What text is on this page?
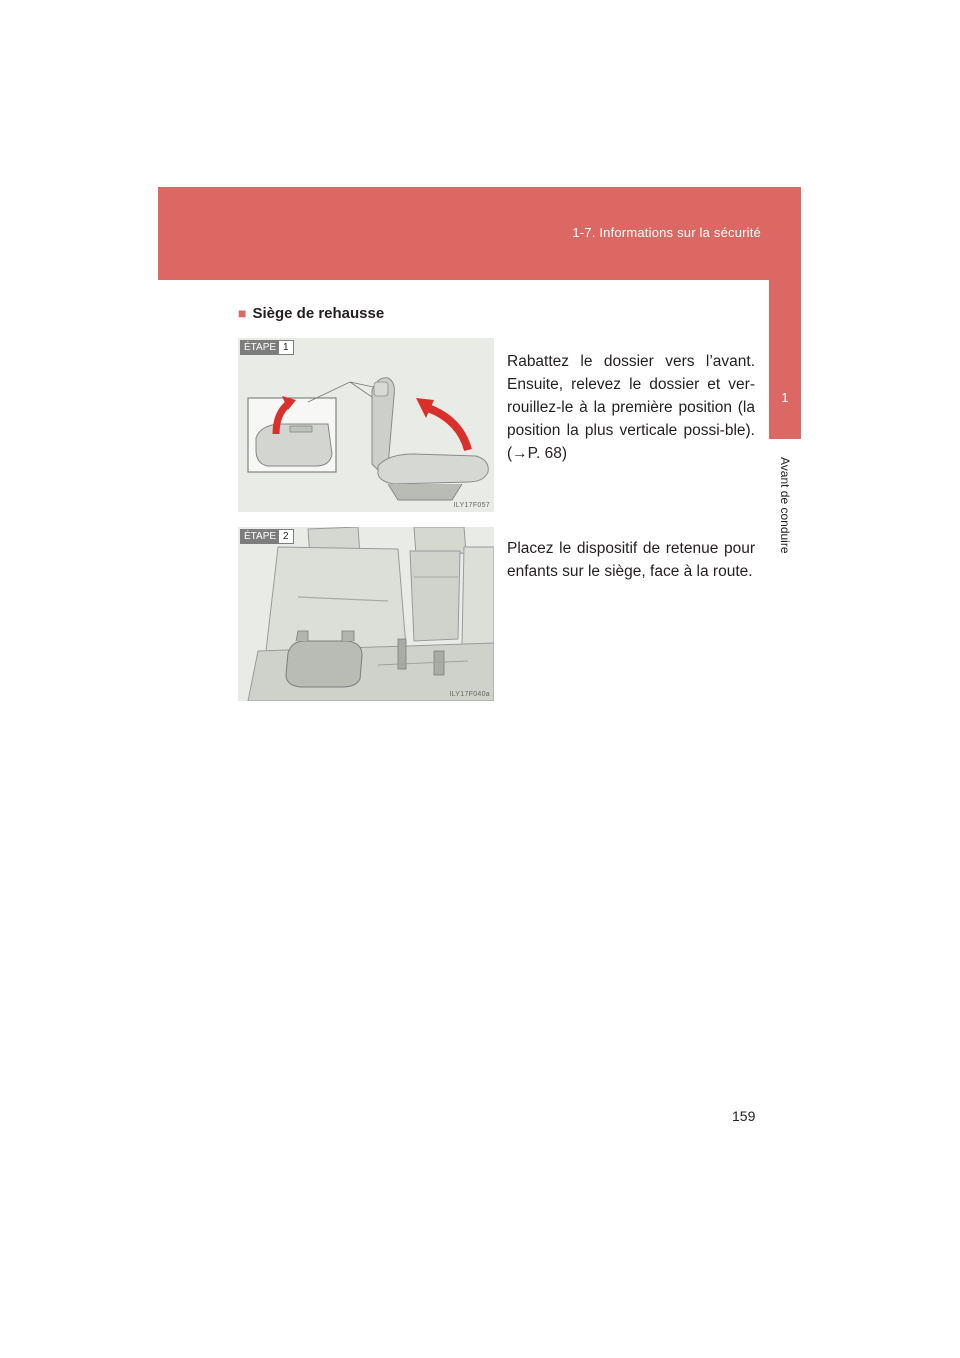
1-7. Informations sur la sécurité
1
Avant de conduire
■ Siège de rehausse
ÉTAPE 1
ILY17F057
Rabattez le dossier vers l’avant. Ensuite, relevez le dossier et ver-rouillez-le à la première position (la position la plus verticale possi-ble). (→P. 68)
ÉTAPE 2
ILY17F040a
Placez le dispositif de retenue pour enfants sur le siège, face à la route.
159
